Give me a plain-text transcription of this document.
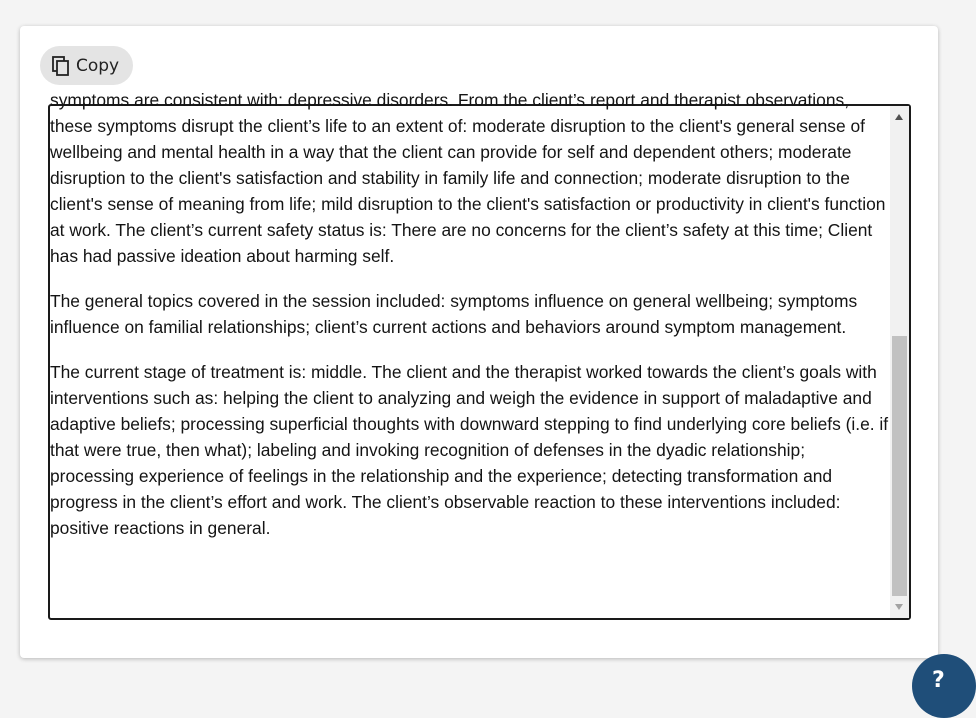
Copy

symptoms are consistent with: depressive disorders. From the client’s report and therapist observations, these symptoms disrupt the client’s life to an extent of: moderate disruption to the client's general sense of wellbeing and mental health in a way that the client can provide for self and dependent others; moderate disruption to the client's satisfaction and stability in family life and connection; moderate disruption to the client's sense of meaning from life; mild disruption to the client's satisfaction or productivity in client's function at work. The client’s current safety status is: There are no concerns for the client’s safety at this time; Client has had passive ideation about harming self.

The general topics covered in the session included: symptoms influence on general wellbeing; symptoms influence on familial relationships; client’s current actions and behaviors around symptom management.

The current stage of treatment is: middle. The client and the therapist worked towards the client’s goals with interventions such as: helping the client to analyzing and weigh the evidence in support of maladaptive and adaptive beliefs; processing superficial thoughts with downward stepping to find underlying core beliefs (i.e. if that were true, then what); labeling and invoking recognition of defenses in the dyadic relationship; processing experience of feelings in the relationship and the experience; detecting transformation and progress in the client’s effort and work. The client’s observable reaction to these interventions included: positive reactions in general.

?
